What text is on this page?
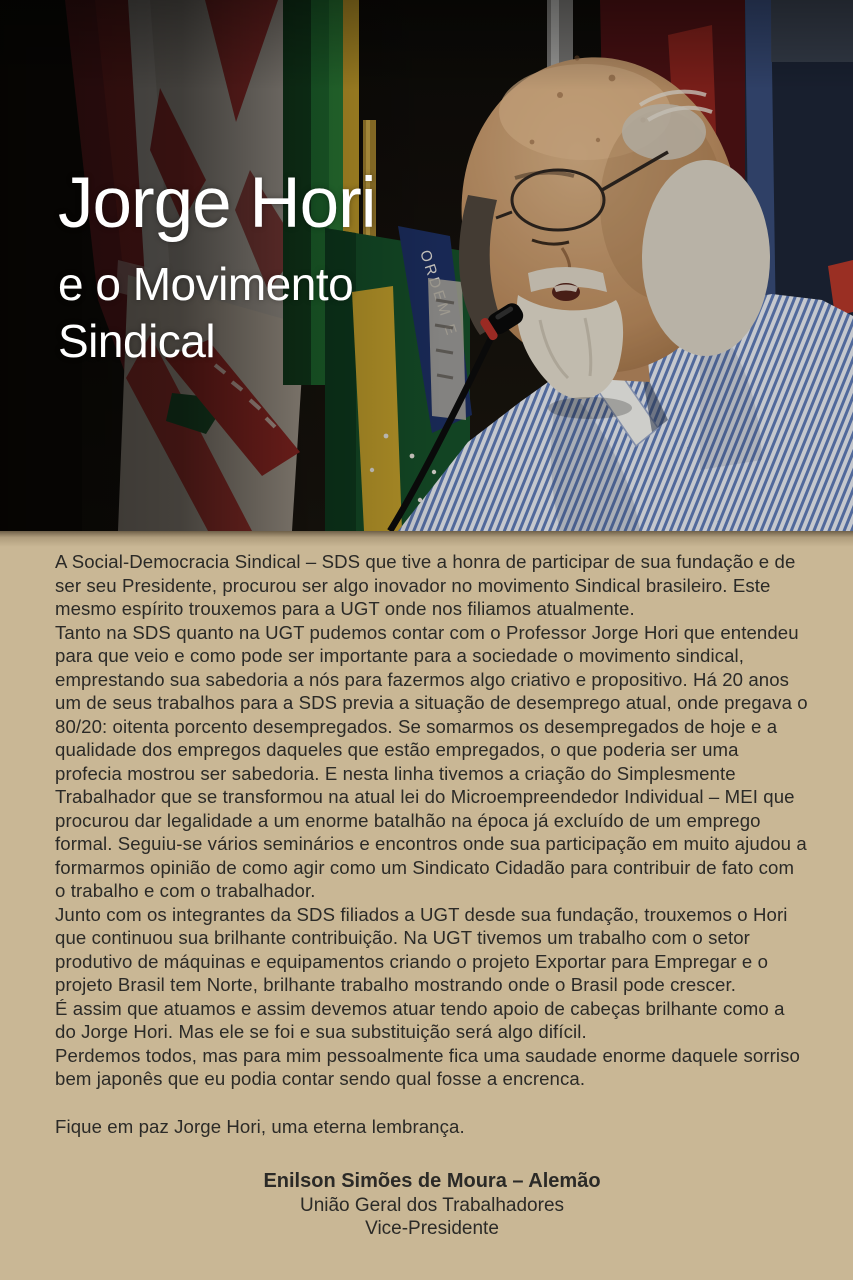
Jorge Hori
e o Movimento
Sindical

A Social-Democracia Sindical – SDS que tive a honra de participar de sua fundação e de ser seu Presidente, procurou ser algo inovador no movimento Sindical brasileiro. Este mesmo espírito trouxemos para a UGT onde nos filiamos atualmente.

Tanto na SDS quanto na UGT pudemos contar com o Professor Jorge Hori que entendeu para que veio e como pode ser importante para a sociedade o movimento sindical, emprestando sua sabedoria a nós para fazermos algo criativo e propositivo. Há 20 anos um de seus trabalhos para a SDS previa a situação de desemprego atual, onde pregava o 80/20: oitenta porcento desempregados. Se somarmos os desempregados de hoje e a qualidade dos empregos daqueles que estão empregados, o que poderia ser uma profecia mostrou ser sabedoria. E nesta linha tivemos a criação do Simplesmente Trabalhador que se transformou na atual lei do Microempreendedor Individual – MEI que procurou dar legalidade a um enorme batalhão na época já excluído de um emprego formal. Seguiu-se vários seminários e encontros onde sua participação em muito ajudou a formarmos opinião de como agir como um Sindicato Cidadão para contribuir de fato com o trabalho e com o trabalhador.

Junto com os integrantes da SDS filiados a UGT desde sua fundação, trouxemos o Hori que continuou sua brilhante contribuição. Na UGT tivemos um trabalho com o setor produtivo de máquinas e equipamentos criando o projeto Exportar para Empregar e o projeto Brasil tem Norte, brilhante trabalho mostrando onde o Brasil pode crescer.

É assim que atuamos e assim devemos atuar tendo apoio de cabeças brilhante como a do Jorge Hori. Mas ele se foi e sua substituição será algo difícil.

Perdemos todos, mas para mim pessoalmente fica uma saudade enorme daquele sorriso bem japonês que eu podia contar sendo qual fosse a encrenca.

Fique em paz Jorge Hori, uma eterna lembrança.

Enilson Simões de Moura – Alemão
União Geral dos Trabalhadores
Vice-Presidente
